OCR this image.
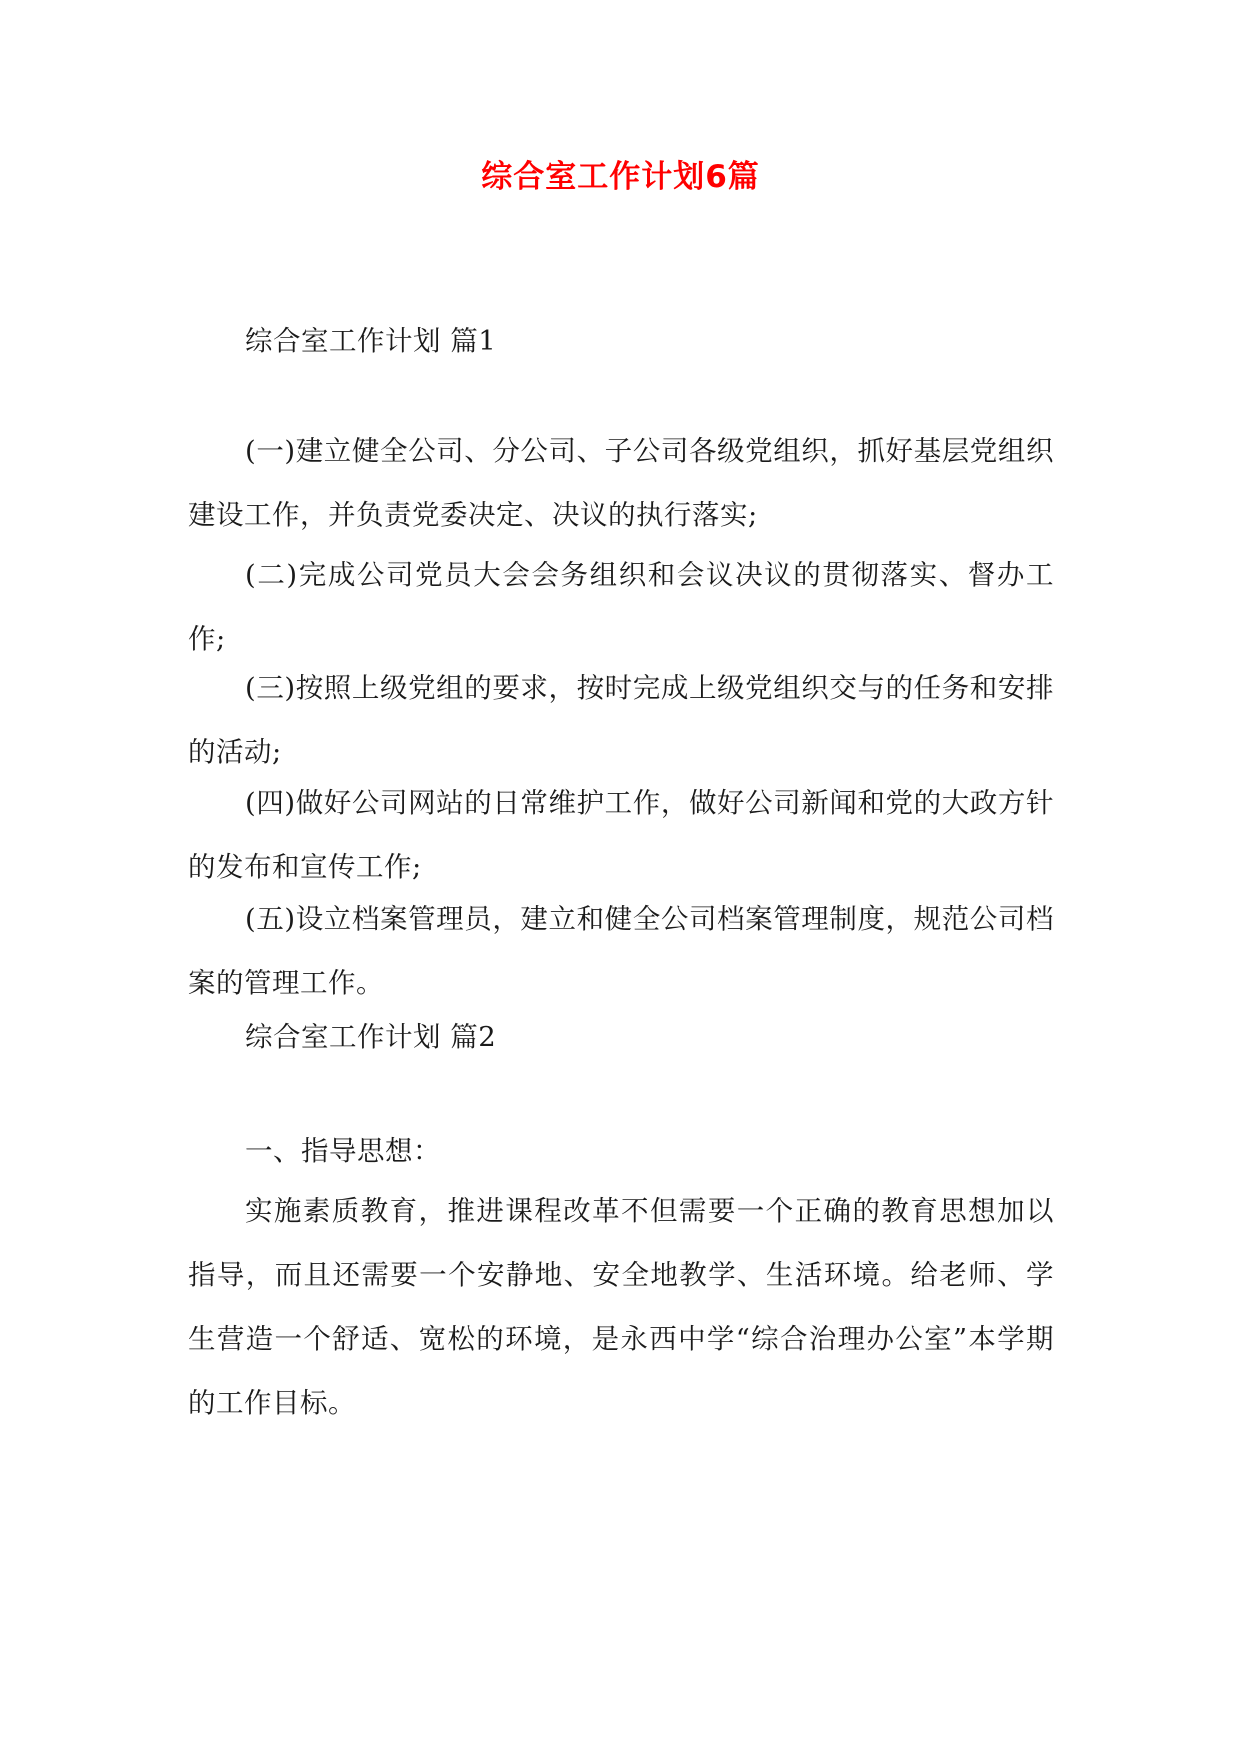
综合室工作计划6篇
综合室工作计划 篇1

(一)建立健全公司、分公司、子公司各级党组织，抓好基层党组织建设工作，并负责党委决定、决议的执行落实;

(二)完成公司党员大会会务组织和会议决议的贯彻落实、督办工作;

(三)按照上级党组的要求，按时完成上级党组织交与的任务和安排的活动;

(四)做好公司网站的日常维护工作，做好公司新闻和党的大政方针的发布和宣传工作;

(五)设立档案管理员，建立和健全公司档案管理制度，规范公司档案的管理工作。

综合室工作计划 篇2
一、指导思想：

实施素质教育，推进课程改革不但需要一个正确的教育思想加以指导，而且还需要一个安静地、安全地教学、生活环境。给老师、学生营造一个舒适、宽松的环境，是永西中学“综合治理办公室”本学期的工作目标。
